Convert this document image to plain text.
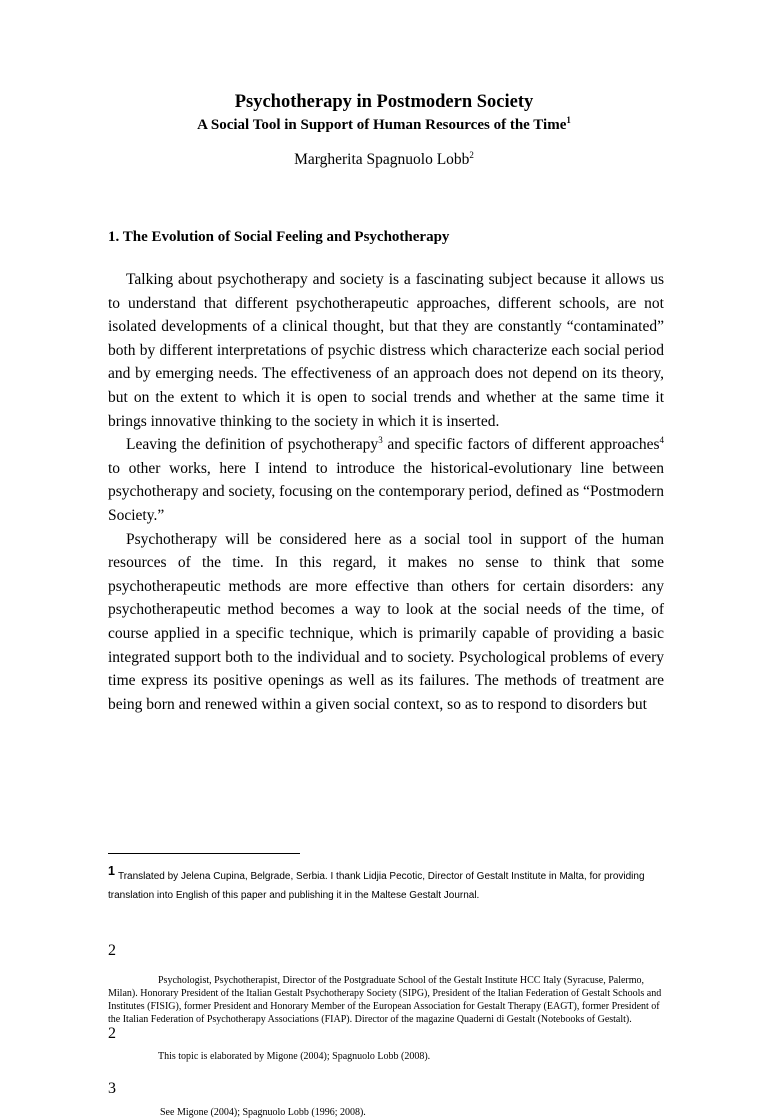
Psychotherapy in Postmodern Society
A Social Tool in Support of Human Resources of the Time$^1$
Margherita Spagnuolo Lobb$^2$
1. The Evolution of Social Feeling and Psychotherapy

Talking about psychotherapy and society is a fascinating subject because it allows us to understand that different psychotherapeutic approaches, different schools, are not isolated developments of a clinical thought, but that they are constantly “contaminated” both by different interpretations of psychic distress which characterize each social period and by emerging needs. The effectiveness of an approach does not depend on its theory, but on the extent to which it is open to social trends and whether at the same time it brings innovative thinking to the society in which it is inserted.

Leaving the definition of psychotherapy$^3$ and specific factors of different approaches$^4$ to other works, here I intend to introduce the historical-evolutionary line between psychotherapy and society, focusing on the contemporary period, defined as “Postmodern Society.”

Psychotherapy will be considered here as a social tool in support of the human resources of the time. In this regard, it makes no sense to think that some psychotherapeutic methods are more effective than others for certain disorders: any psychotherapeutic method becomes a way to look at the social needs of the time, of course applied in a specific technique, which is primarily capable of providing a basic integrated support both to the individual and to society. Psychological problems of every time express its positive openings as well as its failures. The methods of treatment are being born and renewed within a given social context, so as to respond to disorders but

1 Translated by Jelena Cupina, Belgrade, Serbia. I thank Lidjia Pecotic, Director of Gestalt Institute in Malta, for providing translation into English of this paper and publishing it in the Maltese Gestalt Journal.
2
Psychologist, Psychotherapist, Director of the Postgraduate School of the Gestalt Institute HCC Italy (Syracuse, Palermo, Milan). Honorary President of the Italian Gestalt Psychotherapy Society (SIPG), President of the Italian Federation of Gestalt Schools and Institutes (FISIG), former President and Honorary Member of the European Association for Gestalt Therapy (EAGT), former President of the Italian Federation of Psychotherapy Associations (FIAP). Director of the magazine Quaderni di Gestalt (Notebooks of Gestalt).
2
This topic is elaborated by Migone (2004); Spagnuolo Lobb (2008).
3
See Migone (2004); Spagnuolo Lobb (1996; 2008).
